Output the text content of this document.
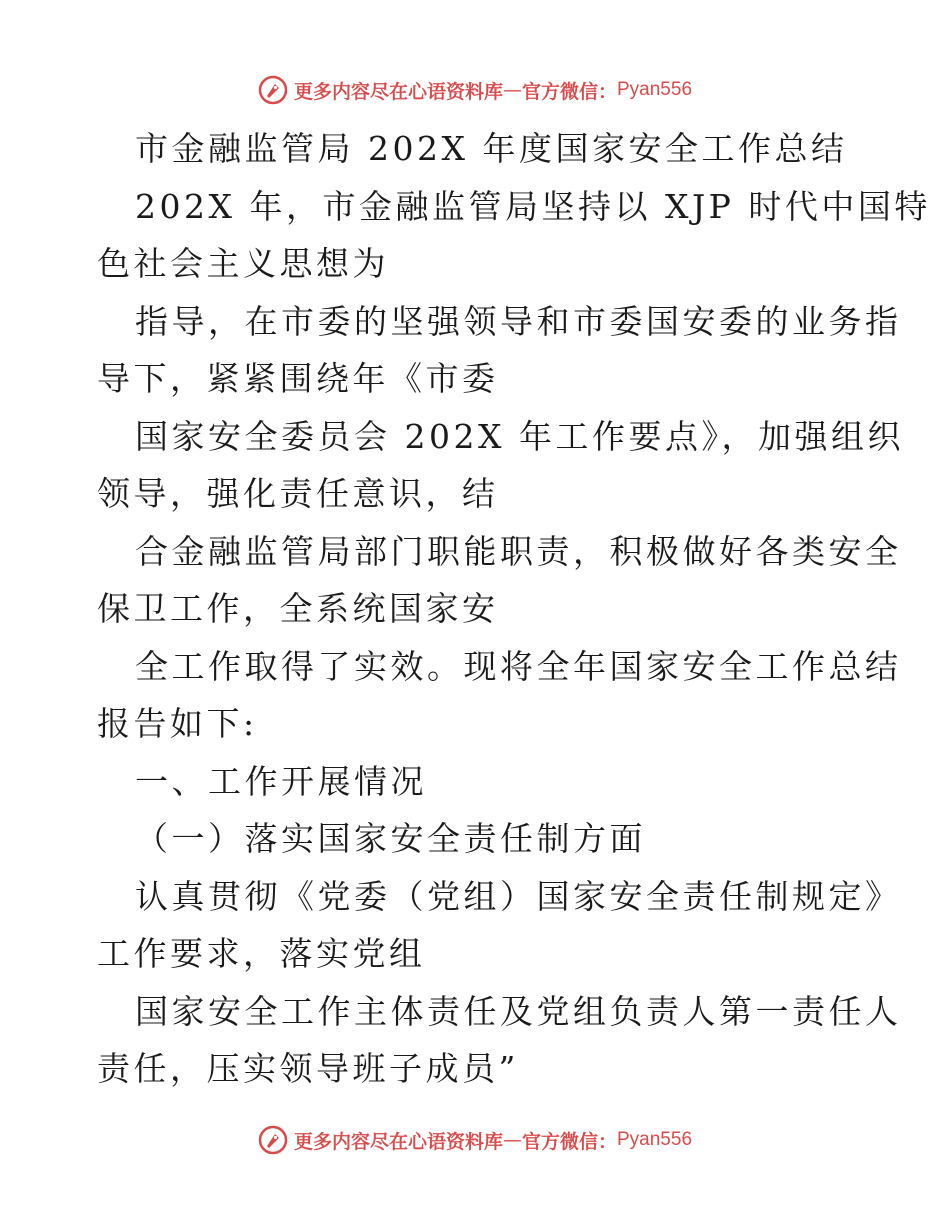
更多内容尽在心语资料库 — 官方微信： Pyan556

市金融监管局 202X 年度国家安全工作总结

202X 年，市金融监管局坚持以 XJP 时代中国特

色社会主义思想为

指导，在市委的坚强领导和市委国安委的业务指

导下，紧紧围绕年《市委

国家安全委员会 202X 年工作要点》，加强组织

领导，强化责任意识，结

合金融监管局部门职能职责，积极做好各类安全

保卫工作，全系统国家安

全工作取得了实效。现将全年国家安全工作总结

报告如下:

一、工作开展情况

（一）落实国家安全责任制方面

认真贯彻《党委（党组）国家安全责任制规定》

工作要求，落实党组

国家安全工作主体责任及党组负责人第一责任人

责任，压实领导班子成员”

更多内容尽在心语资料库 — 官方微信： Pyan556
